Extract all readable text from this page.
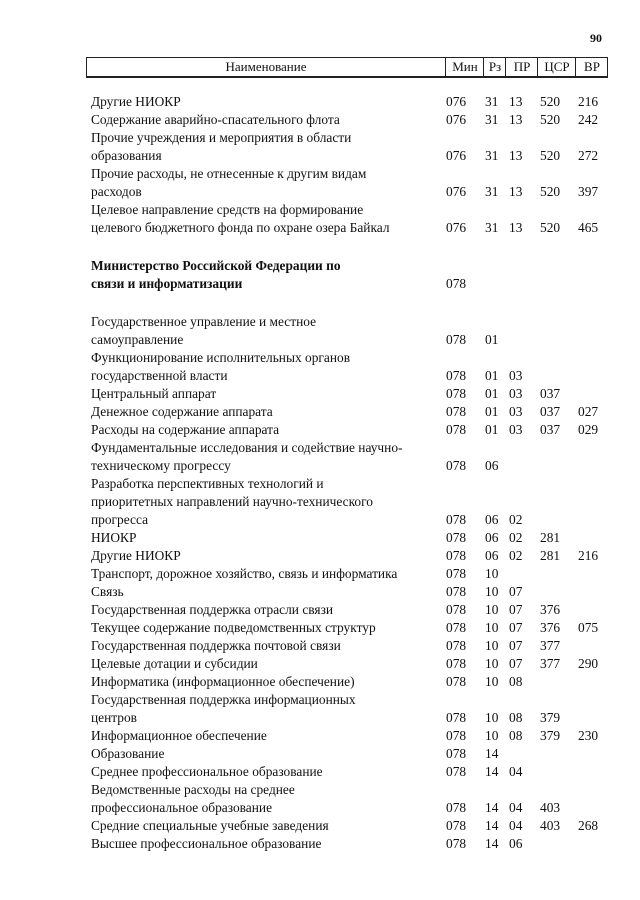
90
Наименование	Мин Рз ПР	ЦСР	ВР
Другие НИОКР	076 31 13 520 216
Содержание аварийно-спасательного флота	076 31 13 520 242
Прочие учреждения и мероприятия в области
образования	076 31 13 520 272
Прочие расходы, не отнесенные к другим видам
расходов	076 31 13 520 397
Целевое направление средств на формирование
целевого бюджетного фонда по охране озера Байкал	076 31 13 520 465
Министерство Российской Федерации по
связи и информатизации	078
Государственное управление и местное
самоуправление	078 01
Функционирование исполнительных органов
государственной власти	078 01 03
Центральный аппарат	078 01 03 037
Денежное содержание аппарата	078 01 03 037 027
Расходы на содержание аппарата	078 01 03 037 029
Фундаментальные исследования и содействие научно-
техническому прогрессу	078 06
Разработка перспективных технологий и
приоритетных направлений научно-технического
прогресса	078 06 02
НИОКР	078 06 02 281
Другие НИОКР	078 06 02 281 216
Транспорт, дорожное хозяйство, связь и информатика	078 10
Связь	078 10 07
Государственная поддержка отрасли связи	078 10 07 376
Текущее содержание подведомственных структур	078 10 07 376 075
Государственная поддержка почтовой связи	078 10 07 377
Целевые дотации и субсидии	078 10 07 377 290
Информатика (информационное обеспечение)	078 10 08
Государственная поддержка информационных
центров	078 10 08 379
Информационное обеспечение	078 10 08 379 230
Образование	078 14
Среднее профессиональное образование	078 14 04
Ведомственные расходы на среднее
профессиональное образование	078 14 04 403
Средние специальные учебные заведения	078 14 04 403 268
Высшее профессиональное образование	078 14 06
